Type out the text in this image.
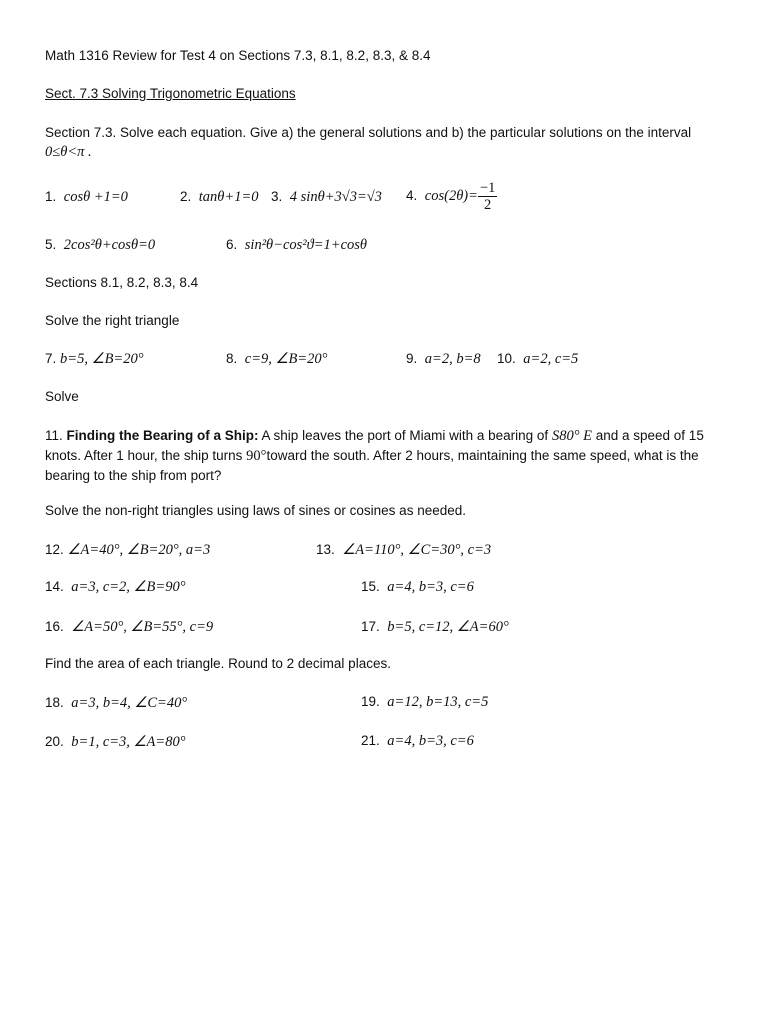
Math 1316 Review for Test 4 on Sections 7.3, 8.1, 8.2, 8.3, & 8.4
Sect. 7.3 Solving Trigonometric Equations
Section 7.3. Solve each equation. Give a) the general solutions and b) the particular solutions on the interval
0≤θ<π .
1. cosθ +1=0	2. tanθ+1=0 3. 4 sinθ+3√3=√3 4. $\cos(2\theta)= \frac{-1}{2}$
5. 2cos²θ+cosθ=0	6. sin²θ−cos²ϑ=1+cosθ
Sections 8.1, 8.2, 8.3, 8.4
Solve the right triangle
7. b=5, ∠B=20°	8. c=9, ∠B=20°	9. a=2, b=8 10. a=2, c=5
Solve
11. Finding the Bearing of a Ship: A ship leaves the port of Miami with a bearing of S80° E and a speed of 15 knots. After 1 hour, the ship turns 90°toward the south. After 2 hours, maintaining the same speed, what is the bearing to the ship from port?
Solve the non-right triangles using laws of sines or cosines as needed.
12. ∠A=40°, ∠B=20°, a=3	13. ∠A=110°, ∠C=30°, c=3
14. a=3, c=2, ∠B=90°	15. a=4, b=3, c=6
16. ∠A=50°, ∠B=55°, c=9	17. b=5, c=12, ∠A=60°
Find the area of each triangle. Round to 2 decimal places.
18. a=3, b=4, ∠C=40°	19. a=12, b=13, c=5
20. b=1, c=3, ∠A=80°	21. a=4, b=3, c=6
